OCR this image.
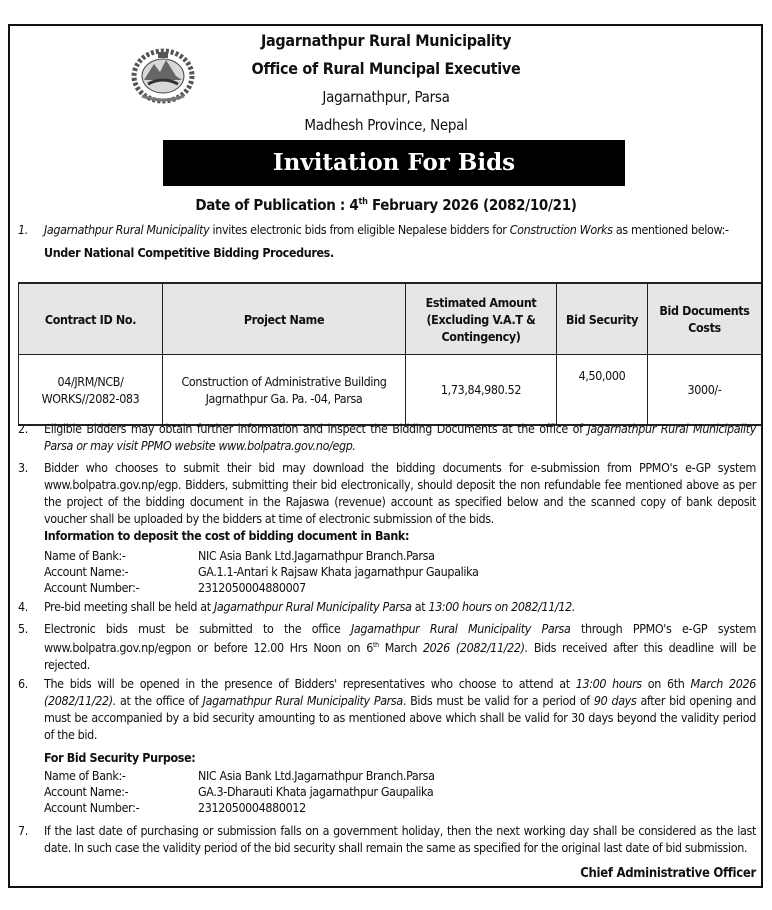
Jagarnathpur Rural Municipality
Office of Rural Muncipal Executive
Jagarnathpur, Parsa
Madhesh Province, Nepal
Invitation For Bids
Date of Publication : 4th February 2026 (2082/10/21)
1. Jagarnathpur Rural Municipality invites electronic bids from eligible Nepalese bidders for Construction Works as mentioned below:-
Under National Competitive Bidding Procedures.
Contract ID No.	Project Name	Estimated Amount (Excluding V.A.T & Contingency)	Bid Security	Bid Documents Costs
04/JRM/NCB/ WORKS//2082-083	Construction of Administrative Building Jagrnathpur Ga. Pa. -04, Parsa	1,73,84,980.52	4,50,000	3000/-
2. Eligible Bidders may obtain further information and inspect the Bidding Documents at the office of Jagarnathpur Rural Municipality Parsa or may visit PPMO website www.bolpatra.gov.no/egp.
3. Bidder who chooses to submit their bid may download the bidding documents for e-submission from PPMO's e-GP system www.bolpatra.gov.np/egp. Bidders, submitting their bid electronically, should deposit the non refundable fee mentioned above as per the project of the bidding document in the Rajaswa (revenue) account as specified below and the scanned copy of bank deposit voucher shall be uploaded by the bidders at time of electronic submission of the bids.
Information to deposit the cost of bidding document in Bank:
Name of Bank:-	NIC Asia Bank Ltd.Jagarnathpur Branch.Parsa
Account Name:-	GA.1.1-Antari k Rajsaw Khata jagarnathpur Gaupalika
Account Number:-	2312050004880007
4. Pre-bid meeting shall be held at Jagarnathpur Rural Municipality Parsa at 13:00 hours on 2082/11/12.
5. Electronic bids must be submitted to the office Jagarnathpur Rural Municipality Parsa through PPMO's e-GP system www.bolpatra.gov.np/egpon or before 12.00 Hrs Noon on 6th March 2026 (2082/11/22). Bids received after this deadline will be rejected.
6. The bids will be opened in the presence of Bidders' representatives who choose to attend at 13:00 hours on 6th March 2026 (2082/11/22). at the office of Jagarnathpur Rural Municipality Parsa. Bids must be valid for a period of 90 days after bid opening and must be accompanied by a bid security amounting to as mentioned above which shall be valid for 30 days beyond the validity period of the bid.
For Bid Security Purpose:
Name of Bank:-	NIC Asia Bank Ltd.Jagarnathpur Branch.Parsa
Account Name:-	GA.3-Dharauti Khata jagarnathpur Gaupalika
Account Number:-	2312050004880012
7. If the last date of purchasing or submission falls on a government holiday, then the next working day shall be considered as the last date. In such case the validity period of the bid security shall remain the same as specified for the original last date of bid submission.
Chief Administrative Officer
